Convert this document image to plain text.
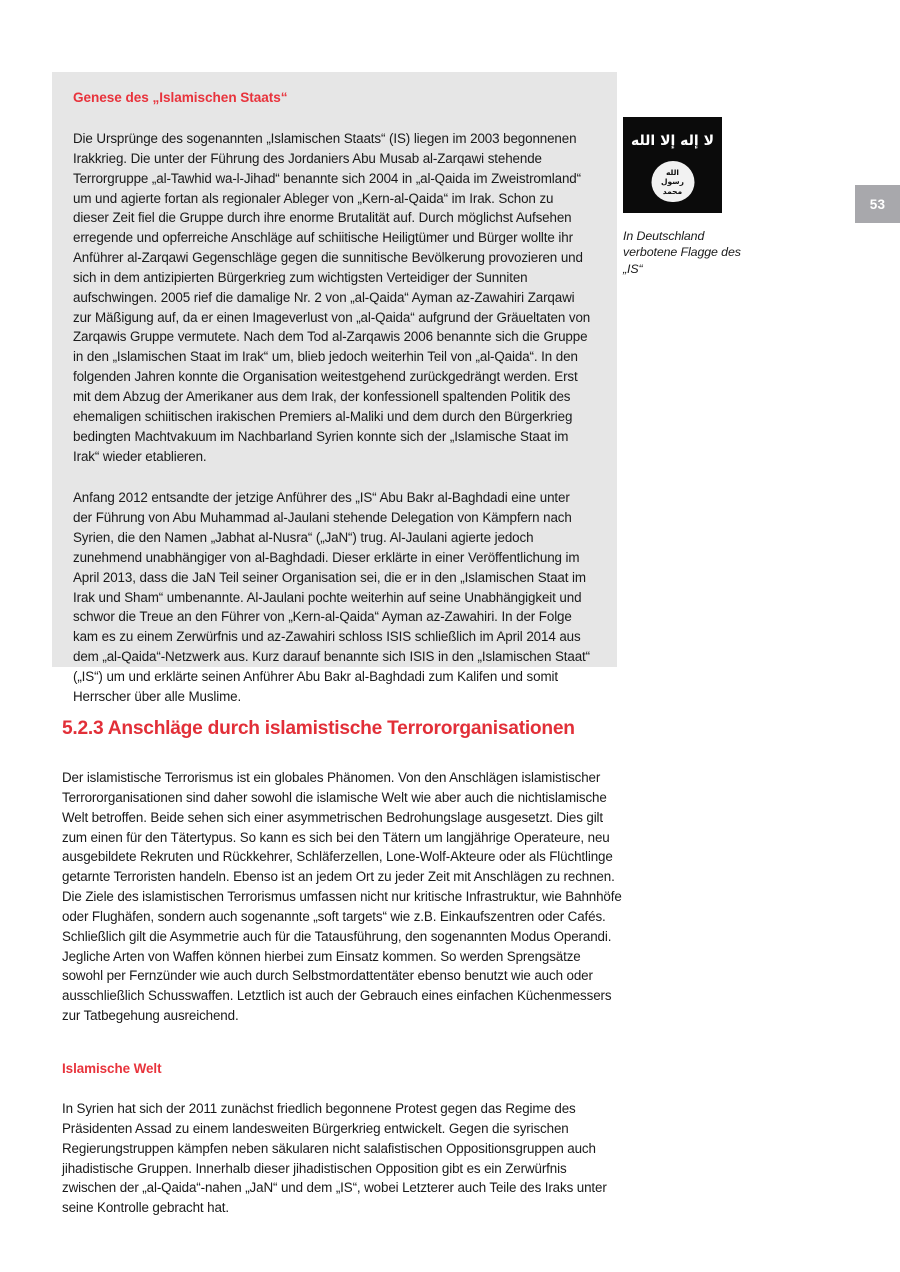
53
Genese des „Islamischen Staats“

Die Ursprünge des sogenannten „Islamischen Staats“ (IS) liegen im 2003 begonnenen Irakkrieg. Die unter der Führung des Jordaniers Abu Musab al-Zarqawi stehende Terrorgruppe „al-Tawhid wa-l-Jihad“ benannte sich 2004 in „al-Qaida im Zweistromland“ um und agierte fortan als regionaler Ableger von „Kern-al-Qaida“ im Irak. Schon zu dieser Zeit fiel die Gruppe durch ihre enorme Brutalität auf. Durch möglichst Aufsehen erregende und opferreiche Anschläge auf schiitische Heiligtümer und Bürger wollte ihr Anführer al-Zarqawi Gegenschläge gegen die sunnitische Bevölkerung provozieren und sich in dem antizipierten Bürgerkrieg zum wichtigsten Verteidiger der Sunniten aufschwingen. 2005 rief die damalige Nr. 2 von „al-Qaida“ Ayman az-Zawahiri Zarqawi zur Mäßigung auf, da er einen Imageverlust von „al-Qaida“ aufgrund der Gräueltaten von Zarqawis Gruppe vermutete. Nach dem Tod al-Zarqawis 2006 benannte sich die Gruppe in den „Islamischen Staat im Irak“ um, blieb jedoch weiterhin Teil von „al-Qaida“. In den folgenden Jahren konnte die Organisation weitestgehend zurückgedrängt werden. Erst mit dem Abzug der Amerikaner aus dem Irak, der konfessionell spaltenden Politik des ehemaligen schiitischen irakischen Premiers al-Maliki und dem durch den Bürgerkrieg bedingten Machtvakuum im Nachbarland Syrien konnte sich der „Islamische Staat im Irak“ wieder etablieren.

Anfang 2012 entsandte der jetzige Anführer des „IS“ Abu Bakr al-Baghdadi eine unter der Führung von Abu Muhammad al-Jaulani stehende Delegation von Kämpfern nach Syrien, die den Namen „Jabhat al-Nusra“ („JaN“) trug. Al-Jaulani agierte jedoch zunehmend unabhängiger von al-Baghdadi. Dieser erklärte in einer Veröffentlichung im April 2013, dass die JaN Teil seiner Organisation sei, die er in den „Islamischen Staat im Irak und Sham“ umbenannte. Al-Jaulani pochte weiterhin auf seine Unabhängigkeit und schwor die Treue an den Führer von „Kern-al-Qaida“ Ayman az-Zawahiri. In der Folge kam es zu einem Zerwürfnis und az-Zawahiri schloss ISIS schließlich im April 2014 aus dem „al-Qaida“-Netzwerk aus. Kurz darauf benannte sich ISIS in den „Islamischen Staat“ („IS“) um und erklärte seinen Anführer Abu Bakr al-Baghdadi zum Kalifen und somit Herrscher über alle Muslime.

لا إله إلا الله
الله
رسول
محمد
In Deutschland verbotene Flagge des „IS“
5.2.3 Anschläge durch islamistische Terrororganisationen

Der islamistische Terrorismus ist ein globales Phänomen. Von den Anschlägen islamistischer Terrororganisationen sind daher sowohl die islamische Welt wie aber auch die nichtislamische Welt betroffen. Beide sehen sich einer asymmetrischen Bedrohungslage ausgesetzt. Dies gilt zum einen für den Tätertypus. So kann es sich bei den Tätern um langjährige Operateure, neu ausgebildete Rekruten und Rückkehrer, Schläferzellen, Lone-Wolf-Akteure oder als Flüchtlinge getarnte Terroristen handeln. Ebenso ist an jedem Ort zu jeder Zeit mit Anschlägen zu rechnen. Die Ziele des islamistischen Terrorismus umfassen nicht nur kritische Infrastruktur, wie Bahnhöfe oder Flughäfen, sondern auch sogenannte „soft targets“ wie z.B. Einkaufszentren oder Cafés. Schließlich gilt die Asymmetrie auch für die Tatausführung, den sogenannten Modus Operandi. Jegliche Arten von Waffen können hierbei zum Einsatz kommen. So werden Sprengsätze sowohl per Fernzünder wie auch durch Selbstmordattentäter ebenso benutzt wie auch oder ausschließlich Schusswaffen. Letztlich ist auch der Gebrauch eines einfachen Küchenmessers zur Tatbegehung ausreichend.

Islamische Welt

In Syrien hat sich der 2011 zunächst friedlich begonnene Protest gegen das Regime des Präsidenten Assad zu einem landesweiten Bürgerkrieg entwickelt. Gegen die syrischen Regierungstruppen kämpfen neben säkularen nicht salafistischen Oppositionsgruppen auch jihadistische Gruppen. Innerhalb dieser jihadistischen Opposition gibt es ein Zerwürfnis zwischen der „al-Qaida“-nahen „JaN“ und dem „IS“, wobei Letzterer auch Teile des Iraks unter seine Kontrolle gebracht hat.
